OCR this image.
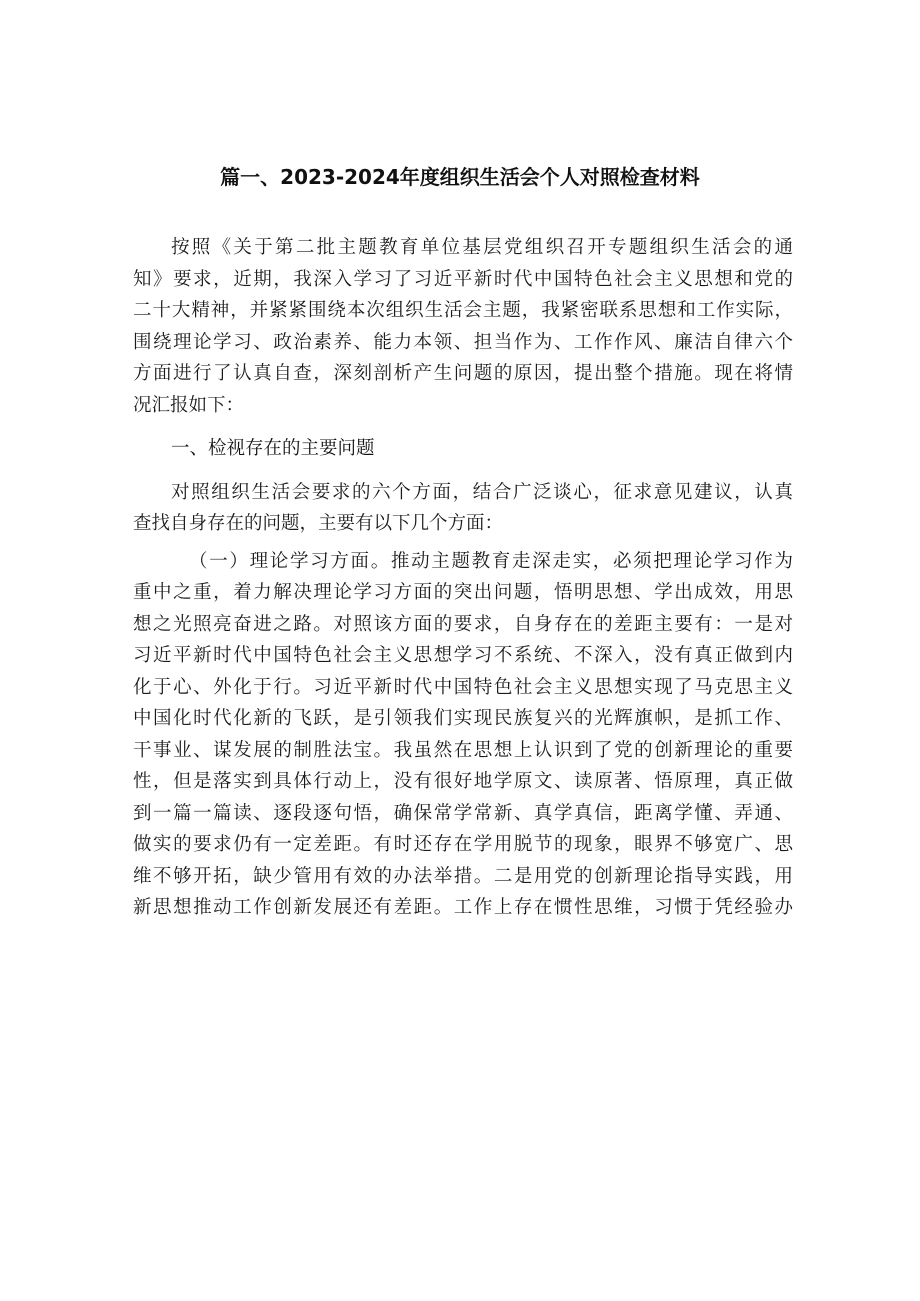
篇一、2023-2024年度组织生活会个人对照检查材料
按照《关于第二批主题教育单位基层党组织召开专题组织生活会的通
知》要求，近期，我深入学习了习近平新时代中国特色社会主义思想和党的
二十大精神，并紧紧围绕本次组织生活会主题，我紧密联系思想和工作实际，
围绕理论学习、政治素养、能力本领、担当作为、工作作风、廉洁自律六个
方面进行了认真自查，深刻剖析产生问题的原因，提出整个措施。现在将情
况汇报如下：
一、检视存在的主要问题
对照组织生活会要求的六个方面，结合广泛谈心，征求意见建议，认真
查找自身存在的问题，主要有以下几个方面：
（一）理论学习方面。推动主题教育走深走实，必须把理论学习作为
重中之重，着力解决理论学习方面的突出问题，悟明思想、学出成效，用思
想之光照亮奋进之路。对照该方面的要求，自身存在的差距主要有：一是对
习近平新时代中国特色社会主义思想学习不系统、不深入，没有真正做到内
化于心、外化于行。习近平新时代中国特色社会主义思想实现了马克思主义
中国化时代化新的飞跃，是引领我们实现民族复兴的光辉旗帜，是抓工作、
干事业、谋发展的制胜法宝。我虽然在思想上认识到了党的创新理论的重要
性，但是落实到具体行动上，没有很好地学原文、读原著、悟原理，真正做
到一篇一篇读、逐段逐句悟，确保常学常新、真学真信，距离学懂、弄通、
做实的要求仍有一定差距。有时还存在学用脱节的现象，眼界不够宽广、思
维不够开拓，缺少管用有效的办法举措。二是用党的创新理论指导实践，用
新思想推动工作创新发展还有差距。工作上存在惯性思维，习惯于凭经验办
